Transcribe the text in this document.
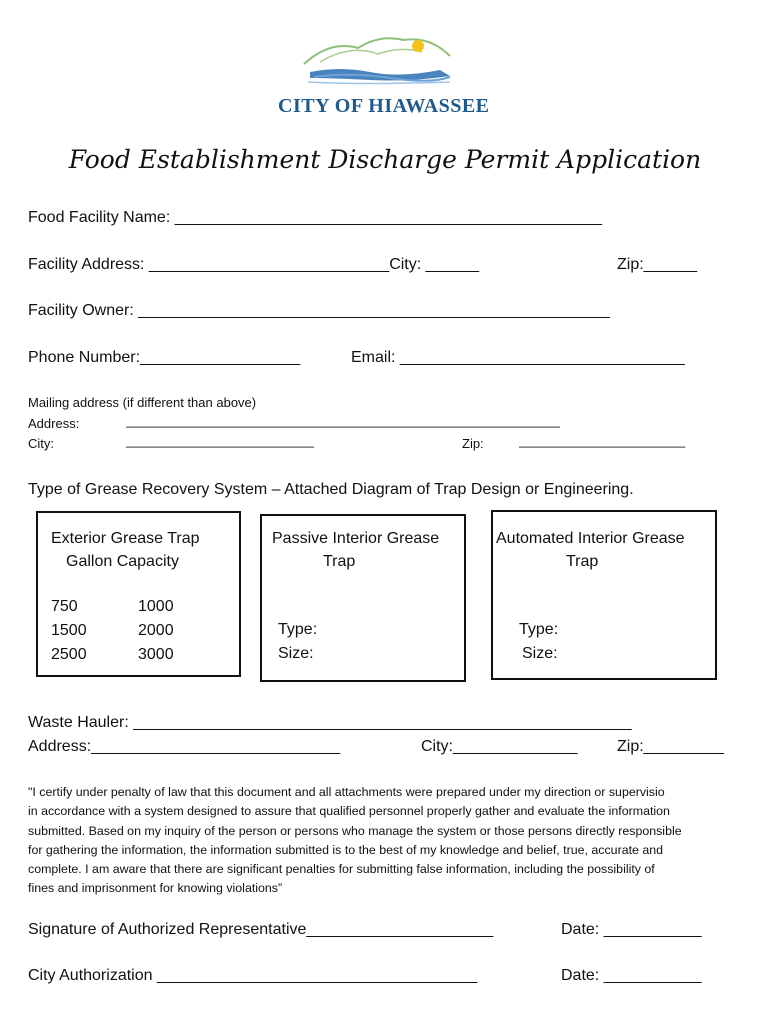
CITY OF HIAWASSEE
Food Establishment Discharge Permit Application
Food Facility Name: ________________________________________________
Facility Address: ___________________________City: ______	Zip:______
Facility Owner: _____________________________________________________
Phone Number:__________________	Email: ________________________________
Mailing address (if different than above)
Address:	____________________________________________________________
City:	__________________________	Zip:	_______________________
Type of Grease Recovery System – Attached Diagram of Trap Design or Engineering.
Exterior Grease Trap
Gallon Capacity
750	1000
1500	2000
2500	3000
Passive Interior Grease
Trap
Type:
Size:
Automated Interior Grease
Trap
Type:
Size:
Waste Hauler: ________________________________________________________
Address:____________________________	City:______________ Zip:_________

"I certify under penalty of law that this document and all attachments were prepared under my direction or supervisio

in accordance with a system designed to assure that qualified personnel properly gather and evaluate the information

submitted. Based on my inquiry of the person or persons who manage the system or those persons directly responsible

for gathering the information, the information submitted is to the best of my knowledge and belief, true, accurate and

complete. I am aware that there are significant penalties for submitting false information, including the possibility of

fines and imprisonment for knowing violations”

Signature of Authorized Representative_____________________	Date: ___________
City Authorization ____________________________________	Date: ___________
